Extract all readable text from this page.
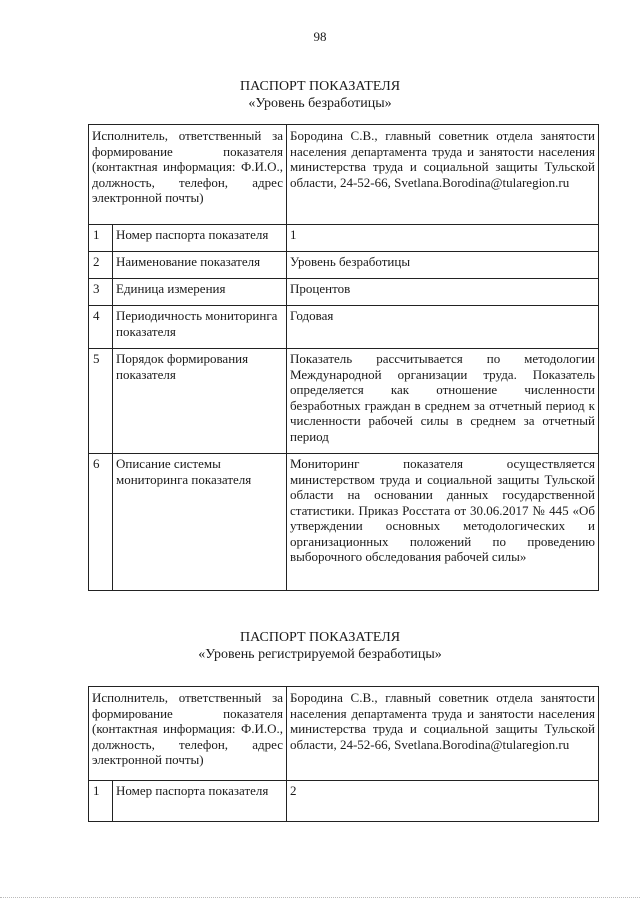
98
ПАСПОРТ ПОКАЗАТЕЛЯ
«Уровень безработицы»
Исполнитель, ответственный за формирование показателя (контактная информация: Ф.И.О., должность, телефон, адрес электронной почты)		Бородина С.В., главный советник отдела занятости населения департамента труда и занятости населения министерства труда и социальной защиты Тульской области, 24-52-66, Svetlana.Borodina@tularegion.ru
1	Номер паспорта показателя	1
2	Наименование показателя	Уровень безработицы
3	Единица измерения	Процентов
4	Периодичность мониторинга показателя	Годовая
5	Порядок формирования показателя	Показатель рассчитывается по методологии Международной организации труда. Показатель определяется как отношение численности безработных граждан в среднем за отчетный период к численности рабочей силы в среднем за отчетный период
6	Описание системы мониторинга показателя	Мониторинг показателя осуществляется министерством труда и социальной защиты Тульской области на основании данных государственной статистики. Приказ Росстата от 30.06.2017 № 445 «Об утверждении основных методологических и организационных положений по проведению выборочного обследования рабочей силы»
ПАСПОРТ ПОКАЗАТЕЛЯ
«Уровень регистрируемой безработицы»
Исполнитель, ответственный за формирование показателя (контактная информация: Ф.И.О., должность, телефон, адрес электронной почты)		Бородина С.В., главный советник отдела занятости населения департамента труда и занятости населения министерства труда и социальной защиты Тульской области, 24-52-66, Svetlana.Borodina@tularegion.ru
1	Номер паспорта показателя	2
